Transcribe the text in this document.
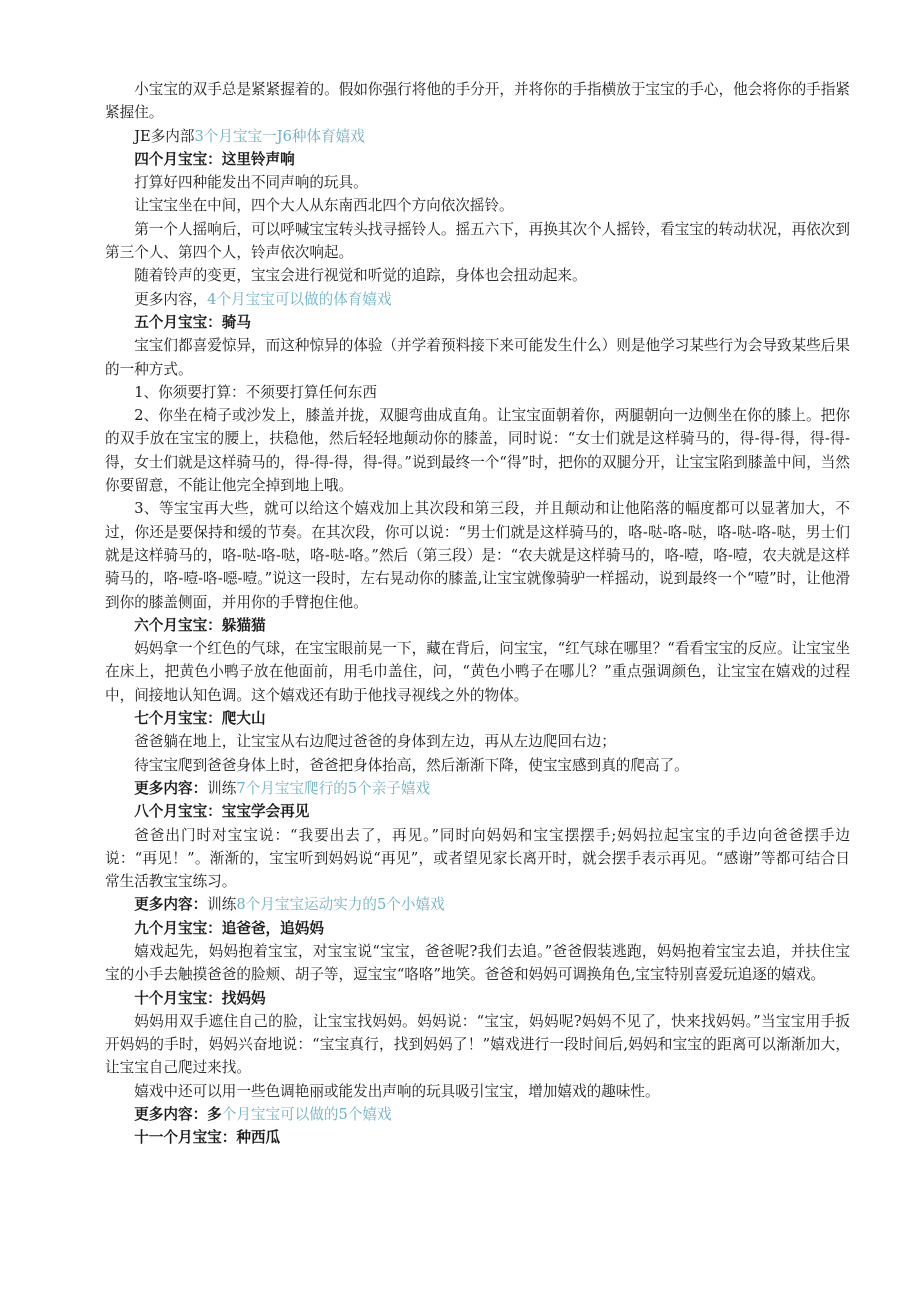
小宝宝的双手总是紧紧握着的。假如你强行将他的手分开，并将你的手指横放于宝宝的手心，他会将你的手指紧紧握住。

JE多内部3个月宝宝一J6种体育嬉戏

四个月宝宝：这里铃声响

打算好四种能发出不同声响的玩具。

让宝宝坐在中间，四个大人从东南西北四个方向依次摇铃。

第一个人摇响后，可以呼喊宝宝转头找寻摇铃人。摇五六下，再换其次个人摇铃，看宝宝的转动状况，再依次到第三个人、第四个人，铃声依次响起。

随着铃声的变更，宝宝会进行视觉和听觉的追踪，身体也会扭动起来。

更多内容，4个月宝宝可以做的体育嬉戏

五个月宝宝：骑马

宝宝们都喜爱惊异，而这种惊异的体验（并学着预料接下来可能发生什么）则是他学习某些行为会导致某些后果的一种方式。

1、你须要打算：不须要打算任何东西

2、你坐在椅子或沙发上，膝盖并拢，双腿弯曲成直角。让宝宝面朝着你，两腿朝向一边侧坐在你的膝上。把你的双手放在宝宝的腰上，扶稳他，然后轻轻地颠动你的膝盖，同时说：“女士们就是这样骑马的，得-得-得，得-得-得，女士们就是这样骑马的，得-得-得，得-得。”说到最终一个“得”时，把你的双腿分开，让宝宝陷到膝盖中间，当然你要留意，不能让他完全掉到地上哦。

3、等宝宝再大些，就可以给这个嬉戏加上其次段和第三段，并且颠动和让他陷落的幅度都可以显著加大，不过，你还是要保持和缓的节奏。在其次段，你可以说：“男士们就是这样骑马的，咯-哒-咯-哒，咯-哒-咯-哒，男士们就是这样骑马的，咯-哒-咯-哒，咯-哒-咯。”然后（第三段）是：“农夫就是这样骑马的，咯-噎，咯-噎，农夫就是这样骑马的，咯-噎-咯-噁-噎。”说这一段时，左右晃动你的膝盖,让宝宝就像骑驴一样摇动，说到最终一个“噎”时，让他滑到你的膝盖侧面，并用你的手臂抱住他。

六个月宝宝：躲猫猫

妈妈拿一个红色的气球，在宝宝眼前晃一下，藏在背后，问宝宝，“红气球在哪里？“看看宝宝的反应。让宝宝坐在床上，把黄色小鸭子放在他面前，用毛巾盖住，问，“黄色小鸭子在哪儿？”重点强调颜色，让宝宝在嬉戏的过程中，间接地认知色调。这个嬉戏还有助于他找寻视线之外的物体。

七个月宝宝：爬大山

爸爸躺在地上，让宝宝从右边爬过爸爸的身体到左边，再从左边爬回右边；

待宝宝爬到爸爸身体上时，爸爸把身体抬高，然后渐渐下降，使宝宝感到真的爬高了。

更多内容：训练7个月宝宝爬行的5个亲子嬉戏

八个月宝宝：宝宝学会再见

爸爸出门时对宝宝说：“我要出去了，再见。”同时向妈妈和宝宝摆摆手;妈妈拉起宝宝的手边向爸爸摆手边说：“再见！”。渐渐的，宝宝听到妈妈说“再见”，或者望见家长离开时，就会摆手表示再见。“感谢”等都可结合日常生活教宝宝练习。

更多内容：训练8个月宝宝运动实力的5个小嬉戏

九个月宝宝：追爸爸，追妈妈

嬉戏起先，妈妈抱着宝宝，对宝宝说“宝宝，爸爸呢?我们去追。”爸爸假装逃跑，妈妈抱着宝宝去追，并扶住宝宝的小手去触摸爸爸的脸颊、胡子等，逗宝宝“咯咯”地笑。爸爸和妈妈可调换角色,宝宝特别喜爱玩追逐的嬉戏。

十个月宝宝：找妈妈

妈妈用双手遮住自己的脸，让宝宝找妈妈。妈妈说：“宝宝，妈妈呢?妈妈不见了，快来找妈妈。”当宝宝用手扳开妈妈的手时，妈妈兴奋地说：“宝宝真行，找到妈妈了！”嬉戏进行一段时间后,妈妈和宝宝的距离可以渐渐加大，让宝宝自己爬过来找。

嬉戏中还可以用一些色调艳丽或能发出声响的玩具吸引宝宝，增加嬉戏的趣味性。

更多内容：多个月宝宝可以做的5个嬉戏

十一个月宝宝：种西瓜
